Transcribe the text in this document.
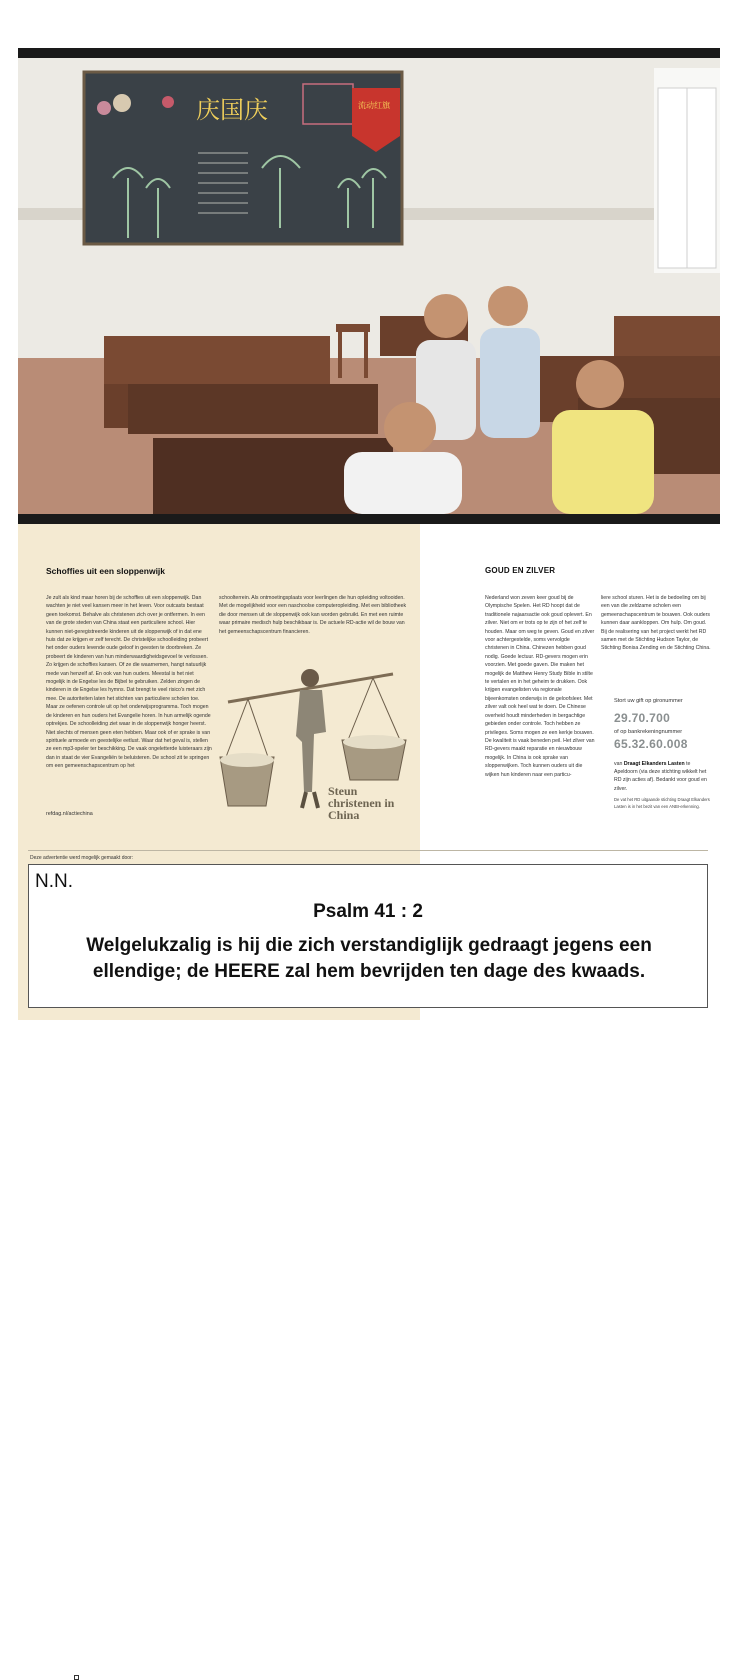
庆国庆	流动红旗
Schoffies uit een sloppenwijk

Je zult als kind maar horen bij de schoffies uit een sloppenwijk. Dan wachten je niet veel kansen meer in het leven. Voor outcasts bestaat geen toekomst. Behalve als christenen zich over je ontfermen. In een van de grote steden van China staat een particuliere school. Hier kunnen niet-geregistreerde kinderen uit de sloppenwijk of in dat ene huis dat ze krijgen er zelf terecht. De christelijke schoolleiding probeert het onder ouders levende oude geloof in geesten te doorbreken. Ze probeert de kinderen van hun minderwaardigheidsgevoel te verlossen. Zo krijgen de schoffies kansen. Of ze die waarnemen, hangt natuurlijk mede van henzelf af. En ook van hun ouders. Meestal is het niet mogelijk in de Engelse les de Bijbel te gebruiken. Zelden zingen de kinderen in de Engelse les hymns. Dat brengt te veel risico's met zich mee. De autoriteiten laten het stichten van particuliere scholen toe. Maar ze oefenen controle uit op het onderwijsprogramma. Toch mogen de kinderen en hun ouders het Evangelie horen. In hun armelijk ogende optrekjes. De schoolleiding ziet waar in de sloppenwijk honger heerst. Niet slechts of mensen geen eten hebben. Maar ook of er sprake is van spirituele armoede en geestelijke eetlust. Waar dat het geval is, stellen ze een mp3-speler ter beschikking. De vaak ongeletterde luisteraars zijn dan in staat de vier Evangeliën te beluisteren. De school zit te springen om een gemeenschapscentrum op het

schoolterrein. Als ontmoetingsplaats voor leerlingen die hun opleiding voltooiden. Met de mogelijkheid voor een naschoolse computeropleiding. Met een bibliotheek die door mensen uit de sloppenwijk ook kan worden gebruikt. En met een ruimte waar primaire medisch hulp beschikbaar is. De actuele RD-actie wil de bouw van het gemeenschapscentrum financieren.

refdag.nl/actiechina
Steun christenen in China
GOUD EN ZILVER

Nederland won zeven keer goud bij de Olympische Spelen. Het RD hoopt dat de traditionele najaarsactie ook goud oplevert. En zilver. Niet om er trots op te zijn of het zelf te houden. Maar om weg te geven. Goud en zilver voor achtergestelde, soms vervolgde christenen in China. Chinezen hebben goud nodig. Goede lectuur. RD-gevers mogen erin voorzien. Met goede gaven. Die maken het mogelijk de Matthew Henry Study Bible in stilte te vertalen en in het geheim te drukken. Ook krijgen evangelisten via regionale bijeenkomsten onderwijs in de geloofsleer. Met zilver valt ook heel wat te doen. De Chinese overheid houdt minderheden in bergachtige gebieden onder controle. Toch hebben ze privileges. Soms mogen ze een kerkje bouwen. De kwaliteit is vaak beneden peil. Het zilver van RD-gevers maakt reparatie en nieuwbouw mogelijk. In China is ook sprake van sloppenwijken. Toch kunnen ouders uit die wijken hun kinderen naar een particu-

liere school sturen. Het is de bedoeling om bij een van die zeldzame scholen een gemeenschapscentrum te bouwen. Ook ouders kunnen daar aankloppen. Om hulp. Om goud. Bij de realisering van het project werkt het RD samen met de Stichting Hudson Taylor, de Stichting Bonisa Zending en de Stichting China.

Stort uw gift op gironummer
29.70.700
of op bankrekeningnummer
65.32.60.008
van Draagt Elkanders Lasten te Apeldoorn (via deze stichting wikkelt het RD zijn acties af). Bedankt voor goud en zilver.
De vat het RD uitgaande stichting Draagt Elkanders Lasten is in het bezit van een ANBI-erkenning.
Deze advertentie werd mogelijk gemaakt door:
N.N.
Psalm 41 : 2
Welgelukzalig is hij die zich verstandiglijk gedraagt jegens een ellendige; de HEERE zal hem bevrijden ten dage des kwaads.
